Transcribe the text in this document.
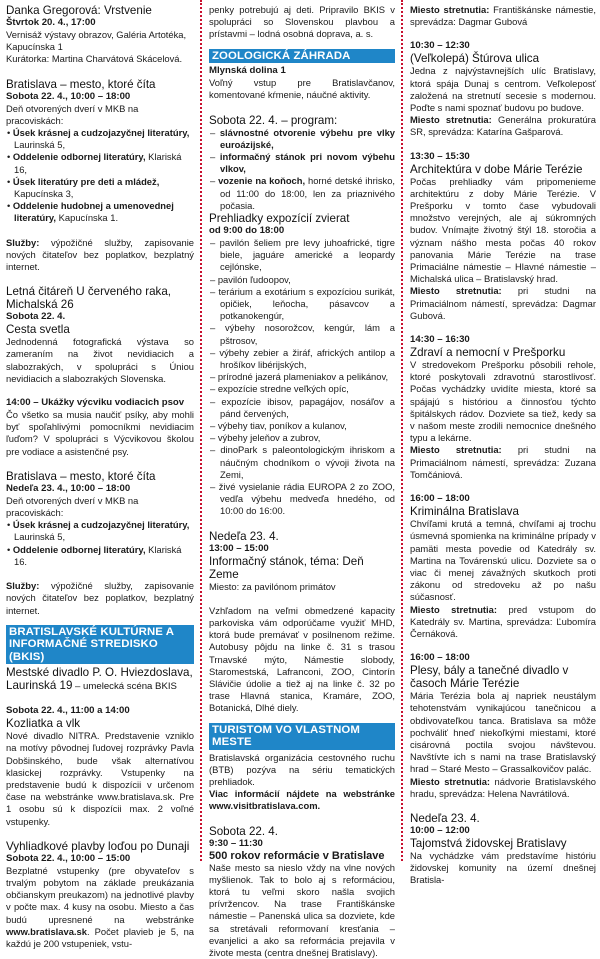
Danka Gregorová: Vrstvenie
Štvrtok 20. 4., 17:00
Vernisáž výstavy obrazov, Galéria Artotéka, Kapucínska 1
Kurátorka: Martina Charvátová Skácelová.
Bratislava – mesto, ktoré číta
Sobota 22. 4., 10:00 – 18:00
Deň otvorených dverí v MKB na pracoviskách:
• Úsek krásnej a cudzojazyčnej literatúry, Laurinská 5,
• Oddelenie odbornej literatúry, Klariská 16,
• Úsek literatúry pre deti a mládež, Kapucínska 3,
• Oddelenie hudobnej a umenovednej literatúry, Kapucínska 1.
Služby: výpožičné služby, zapisovanie nových čitateľov bez poplatkov, bezplatný internet.
Letná čitáreň U červeného raka, Michalská 26
Sobota 22. 4.
Cesta svetla
Jednodenná fotografická výstava so zameraním na život nevidiacich a slabozrakých, v spolupráci s Úniou nevidiacich a slabozrakých Slovenska.
14:00 – Ukážky výcviku vodiacich psov
Čo všetko sa musia naučiť psíky, aby mohli byť spoľahlivými pomocníkmi nevidiacim ľuďom? V spolupráci s Výcvikovou školou pre vodiace a asistenčné psy.
Bratislava – mesto, ktoré číta
Nedeľa 23. 4., 10:00 – 18:00
Deň otvorených dverí v MKB na pracoviskách:
• Úsek krásnej a cudzojazyčnej literatúry, Laurinská 5,
• Oddelenie odbornej literatúry, Klariská 16.
Služby: výpožičné služby, zapisovanie nových čitateľov bez poplatkov, bezplatný internet.
BRATISLAVSKÉ KULTÚRNE A INFORMAČNÉ STREDISKO (BKIS)
Mestské divadlo P. O. Hviezdoslava, Laurinská 19 – umelecká scéna BKIS
Sobota 22. 4., 11:00 a 14:00
Kozliatka a vlk
Nové divadlo NITRA. Predstavenie vzniklo na motívy pôvodnej ľudovej rozprávky Pavla Dobšinského, bude však alternatívou klasickej rozprávky. Vstupenky na predstavenie budú k dispozícii v určenom čase na webstránke www.bratislava.sk. Pre 1 osobu sú k dispozícii max. 2 voľné vstupenky.
Vyhliadkové plavby loďou po Dunaji
Sobota 22. 4., 10:00 – 15:00
Bezplatné vstupenky (pre obyvateľov s trvalým pobytom na základe preukázania občianskym preukazom) na jednotlivé plavby v počte max. 4 kusy na osobu. Miesto a čas budú upresnené na webstránke www.bratislava.sk. Počet plavieb je 5, na každú je 200 vstupeniek, vstu-
penky potrebujú aj deti. Pripravilo BKIS v spolupráci so Slovenskou plavbou a prístavmi – lodná osobná doprava, a. s.
ZOOLOGICKÁ ZÁHRADA
Mlynská dolina 1
Voľný vstup pre Bratislavčanov, komentované kŕmenie, náučné aktivity.
Sobota 22. 4. – program:
– slávnostné otvorenie výbehu pre vlky euroázijské,
– informačný stánok pri novom výbehu vlkov,
– vozenie na koňoch, horné detské ihrisko, od 11:00 do 18:00, len za priaznivého počasia.
Prehliadky expozícií zvierat
od 9:00 do 18:00
– pavilón šeliem pre levy juhoafrické, tigre biele, jaguáre americké a leopardy cejlónske,
– pavilón ľudoopov,
– terárium a exotárium s expozíciou surikát, opičiek, leňocha, pásavcov a potkanokengúr,
– výbehy nosorožcov, kengúr, lám a pštrosov,
– výbehy zebier a žiráf, afrických antilop a hrošíkov libérijských,
– prírodné jazerá plameniakov a pelikánov,
– expozície stredne veľkých opíc,
– expozície ibisov, papagájov, nosáľov a pánd červených,
– výbehy tiav, poníkov a kulanov,
– výbehy jeleňov a zubrov,
– dinoPark s paleontologickým ihriskom a náučným chodníkom o vývoji života na Zemi,
– živé vysielanie rádia EUROPA 2 zo ZOO, vedľa výbehu medveďa hnedého, od 10:00 do 16:00.
Nedeľa 23. 4.
13:00 – 15:00
Informačný stánok, téma: Deň Zeme
Miesto: za pavilónom primátov
Vzhľadom na veľmi obmedzené kapacity parkoviska vám odporúčame využiť MHD, ktorá bude premávať v posilnenom režime. Autobusy pôjdu na linke č. 31 s trasou Trnavské mýto, Námestie slobody, Staromestská, Lafranconi, ZOO, Cintorín Slávičie údolie a tiež aj na linke č. 32 po trase Hlavná stanica, Kramáre, ZOO, Botanická, Dlhé diely.
TURISTOM VO VLASTNOM MESTE
Bratislavská organizácia cestovného ruchu (BTB) pozýva na sériu tematických prehliadok.
Viac informácií nájdete na webstránke www.visitbratislava.com.
Sobota 22. 4.
9:30 – 11:30
500 rokov reformácie v Bratislave
Naše mesto sa nieslo vždy na vlne nových myšlienok. Tak to bolo aj s reformáciou, ktorá tu veľmi skoro našla svojich prívržencov. Na trase Františkánske námestie – Panenská ulica sa dozviete, kde sa stretávali reformovaní kresťania – evanjelici a ako sa reformácia prejavila v živote mesta (centra dnešnej Bratislavy).
Miesto stretnutia: Františkánske námestie, sprevádza: Dagmar Gubová
10:30 – 12:30
(Veľkolepá) Štúrova ulica
Jedna z najvýstavnejších ulíc Bratislavy, ktorá spája Dunaj s centrom. Veľkoleposť založená na stretnutí secesie s modernou. Poďte s nami spoznať budovu po budove.
Miesto stretnutia: Generálna prokuratúra SR, sprevádza: Katarína Gašparová.
13:30 – 15:30
Architektúra v dobe Márie Terézie
Počas prehliadky vám pripomenieme architektúru z doby Márie Terézie. V Prešporku v tomto čase vybudovali množstvo verejných, ale aj súkromných budov. Vnímajte životný štýl 18. storočia a význam nášho mesta počas 40 rokov panovania Márie Terézie na trase Primaciálne námestie – Hlavné námestie – Michalská ulica – Bratislavský hrad.
Miesto stretnutia: pri studni na Primaciálnom námestí, sprevádza: Dagmar Gubová.
14:30 – 16:30
Zdraví a nemocní v Prešporku
V stredovekom Prešporku pôsobili rehole, ktoré poskytovali zdravotnú starostlivosť. Počas vychádzky uvidíte miesta, ktoré sa spájajú s históriou a činnosťou týchto špitálskych rádov. Dozviete sa tiež, kedy sa v našom meste zrodili nemocnice dnešného typu a lekárne.
Miesto stretnutia: pri studni na Primaciálnom námestí, sprevádza: Zuzana Tomčániová.
16:00 – 18:00
Kriminálna Bratislava
Chvíľami krutá a temná, chvíľami aj trochu úsmevná spomienka na kriminálne prípady v pamäti mesta povedie od Katedrály sv. Martina na Továrenskú ulicu. Dozviete sa o viac či menej závažných skutkoch proti zákonu od stredoveku až po našu súčasnosť.
Miesto stretnutia: pred vstupom do Katedrály sv. Martina, sprevádza: Ľubomíra Černáková.
16:00 – 18:00
Plesy, bály a tanečné divadlo v časoch Márie Terézie
Mária Terézia bola aj napriek neustálym tehotenstvám vynikajúcou tanečnicou a obdivovateľkou tanca. Bratislava sa môže pochváliť hneď niekoľkými miestami, ktoré cisárovná poctila svojou návštevou. Navštívte ich s nami na trase Bratislavský hrad – Staré Mesto – Grassalkovičov palác.
Miesto stretnutia: nádvorie Bratislavského hradu, sprevádza: Helena Navrátilová.
Nedeľa 23. 4.
10:00 – 12:00
Tajomstvá židovskej Bratislavy
Na vychádzke vám predstavíme históriu židovskej komunity na území dnešnej Bratisla-
